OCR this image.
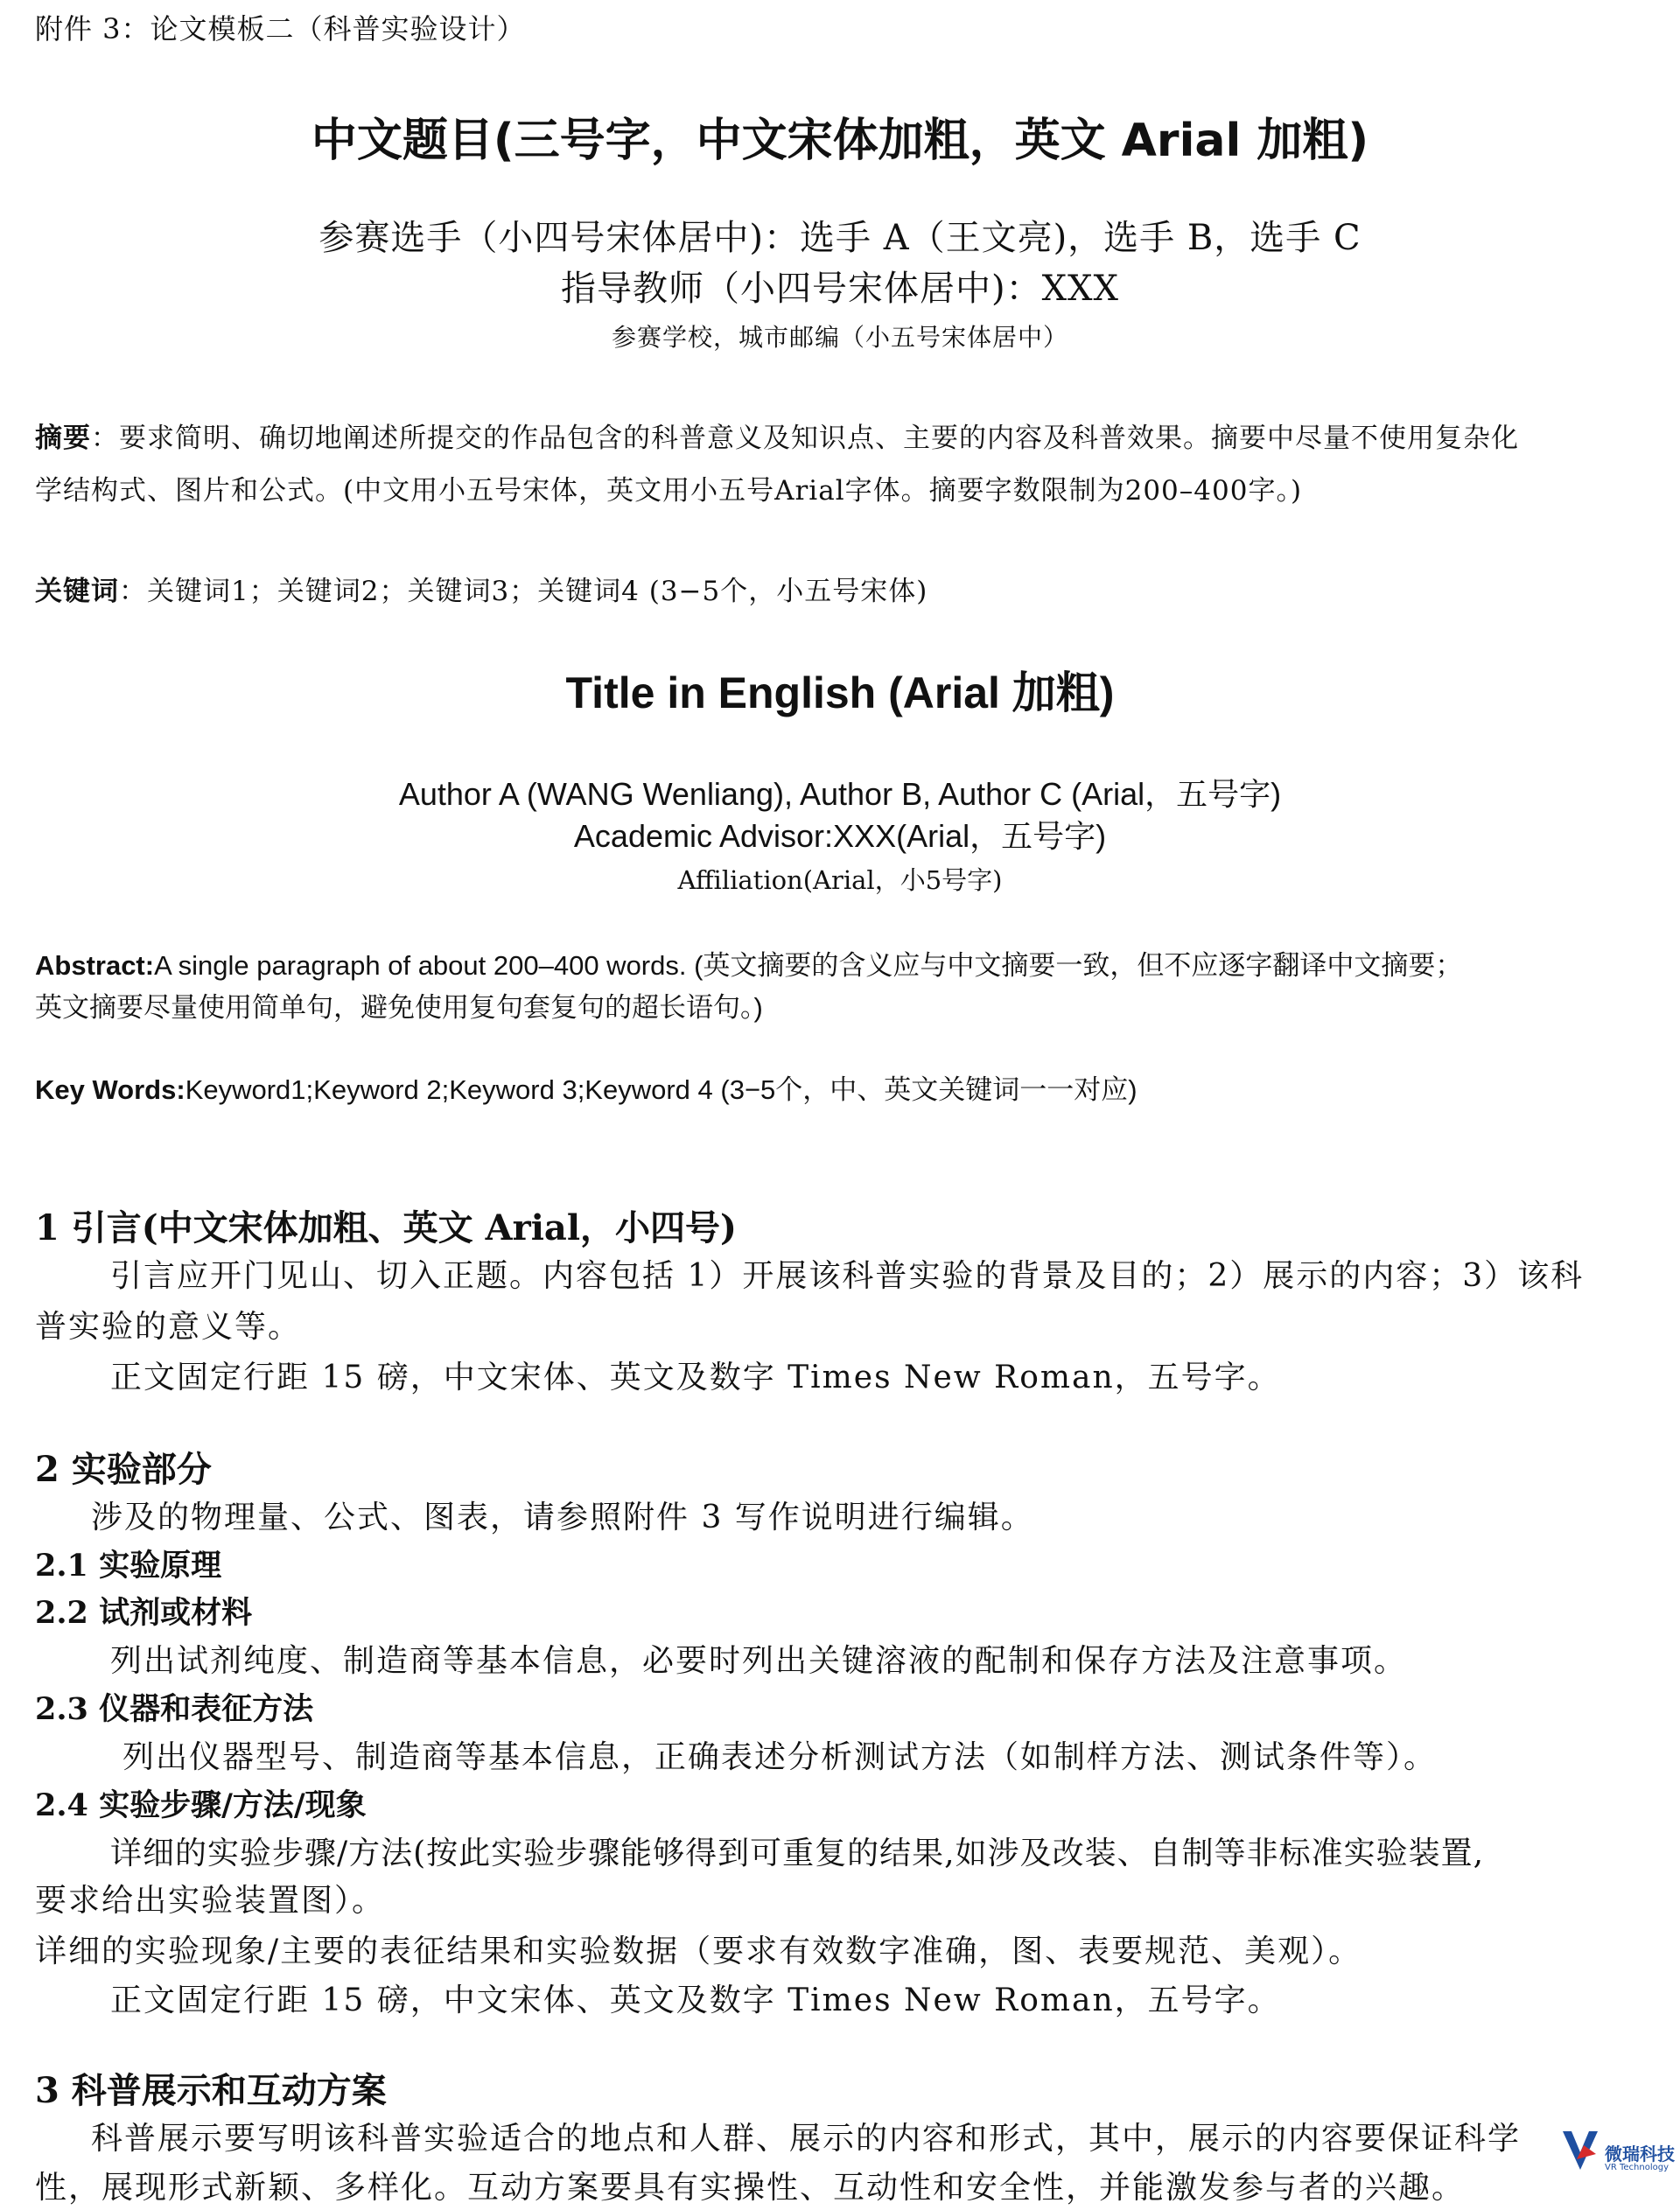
附件 3：论文模板二（科普实验设计）
中文题目(三号字，中文宋体加粗，英文 Arial 加粗)
参赛选手（小四号宋体居中)：选手 A（王文亮)，选手 B，选手 C
指导教师（小四号宋体居中)：XXX
参赛学校，城市邮编（小五号宋体居中）
摘要：要求简明、确切地阐述所提交的作品包含的科普意义及知识点、主要的内容及科普效果。摘要中尽量不使用复杂化
学结构式、图片和公式。(中文用小五号宋体，英文用小五号Arial字体。摘要字数限制为200–400字。)
关键词：关键词1；关键词2；关键词3；关键词4 (3−5个，小五号宋体)
Title in English (Arial 加粗)
Author A (WANG Wenliang), Author B, Author C (Arial，五号字)
Academic Advisor:XXX(Arial，五号字)
Affiliation(Arial，小5号字)
Abstract:A single paragraph of about 200–400 words. (英文摘要的含义应与中文摘要一致，但不应逐字翻译中文摘要；
英文摘要尽量使用简单句，避免使用复句套复句的超长语句。)
Key Words:Keyword1;Keyword 2;Keyword 3;Keyword 4 (3−5个，中、英文关键词一一对应)
1 引言(中文宋体加粗、英文 Arial，小四号)
引言应开门见山、切入正题。内容包括 1）开展该科普实验的背景及目的；2）展示的内容；3）该科
普实验的意义等。
正文固定行距 15 磅，中文宋体、英文及数字 Times New Roman，五号字。
2 实验部分
涉及的物理量、公式、图表，请参照附件 3 写作说明进行编辑。
2.1 实验原理
2.2 试剂或材料
列出试剂纯度、制造商等基本信息，必要时列出关键溶液的配制和保存方法及注意事项。
2.3 仪器和表征方法
列出仪器型号、制造商等基本信息，正确表述分析测试方法（如制样方法、测试条件等）。
2.4 实验步骤/方法/现象
详细的实验步骤/方法(按此实验步骤能够得到可重复的结果,如涉及改装、自制等非标准实验装置,
要求给出实验装置图）。
详细的实验现象/主要的表征结果和实验数据（要求有效数字准确，图、表要规范、美观）。
正文固定行距 15 磅，中文宋体、英文及数字 Times New Roman，五号字。
3 科普展示和互动方案
科普展示要写明该科普实验适合的地点和人群、展示的内容和形式，其中，展示的内容要保证科学
性，展现形式新颖、多样化。互动方案要具有实操性、互动性和安全性，并能激发参与者的兴趣。
微瑞科技
VR Technology
